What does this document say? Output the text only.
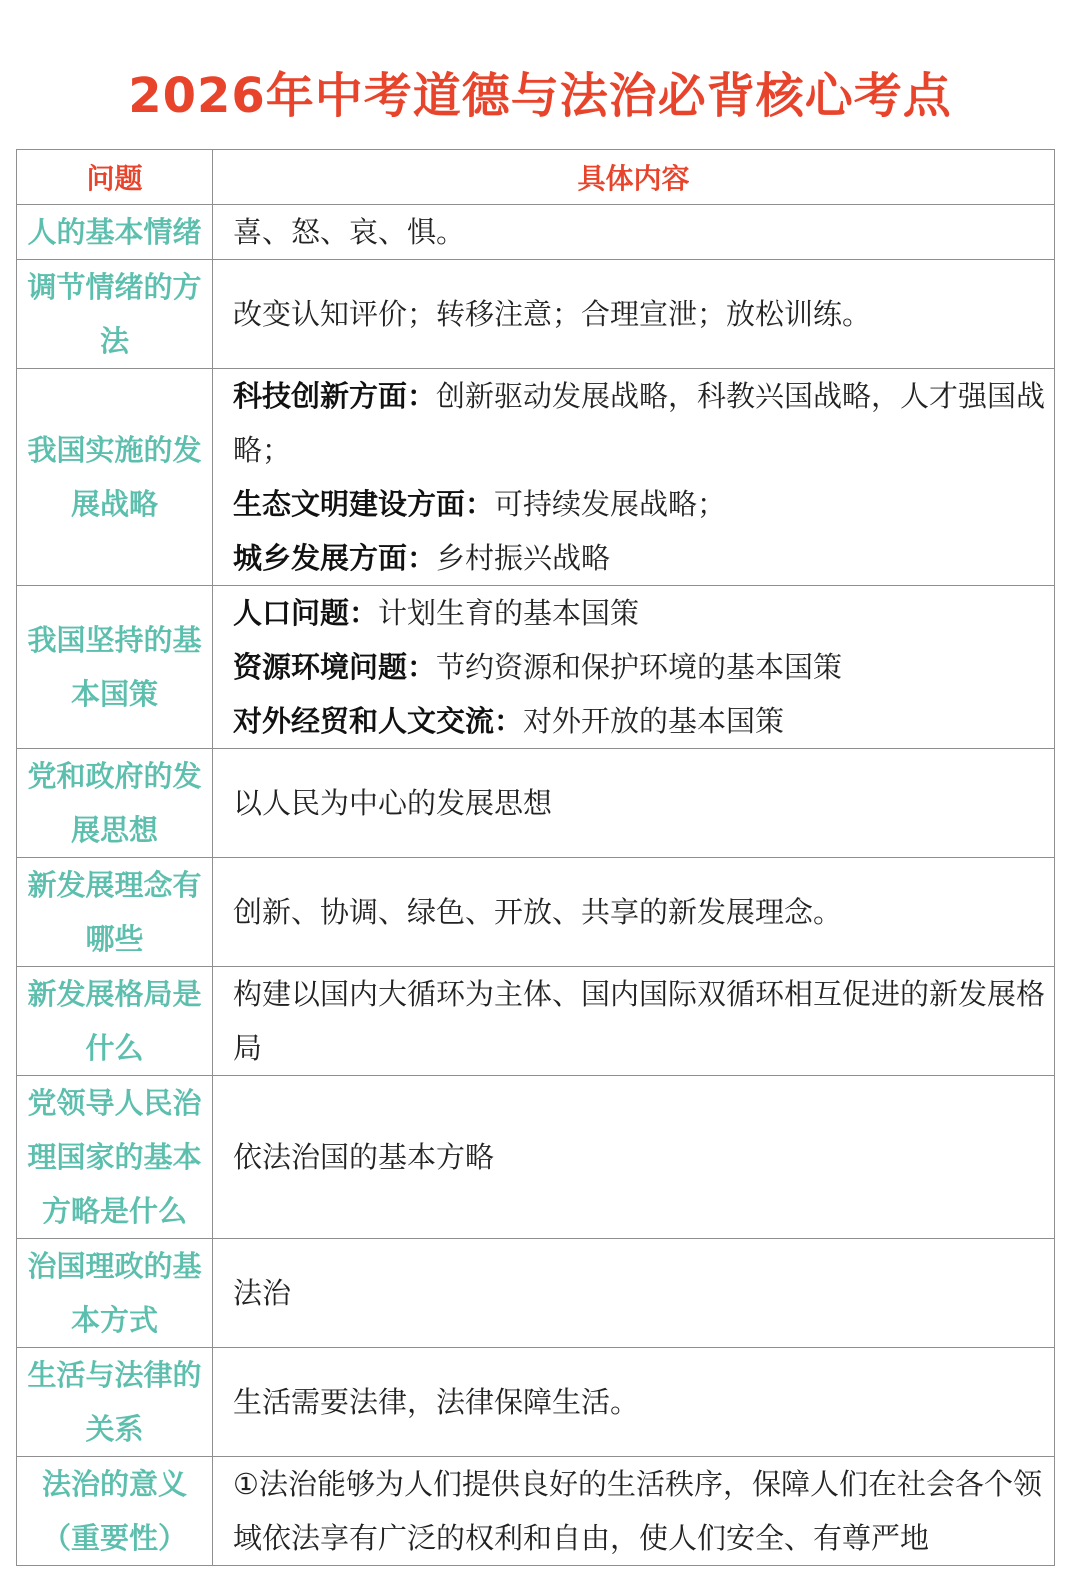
2026年中考道德与法治必背核心考点
问题	具体内容
人的基本情绪	喜、怒、哀、惧。

调节情绪的方法	改变认知评价；转移注意；合理宣泄；放松训练。

我国实施的发展战略	科技创新方面：创新驱动发展战略，科教兴国战略，人才强国战略；
生态文明建设方面：可持续发展战略；
城乡发展方面：乡村振兴战略

我国坚持的基本国策	人口问题：计划生育的基本国策
资源环境问题：节约资源和保护环境的基本国策
对外经贸和人文交流：对外开放的基本国策

党和政府的发展思想	以人民为中心的发展思想

新发展理念有哪些	创新、协调、绿色、开放、共享的新发展理念。

新发展格局是什么	构建以国内大循环为主体、国内国际双循环相互促进的新发展格局

党领导人民治理国家的基本方略是什么	依法治国的基本方略

治国理政的基本方式	法治

生活与法律的关系	生活需要法律，法律保障生活。

法治的意义（重要性）	①法治能够为人们提供良好的生活秩序，保障人们在社会各个领域依法享有广泛的权利和自由，使人们安全、有尊严地
